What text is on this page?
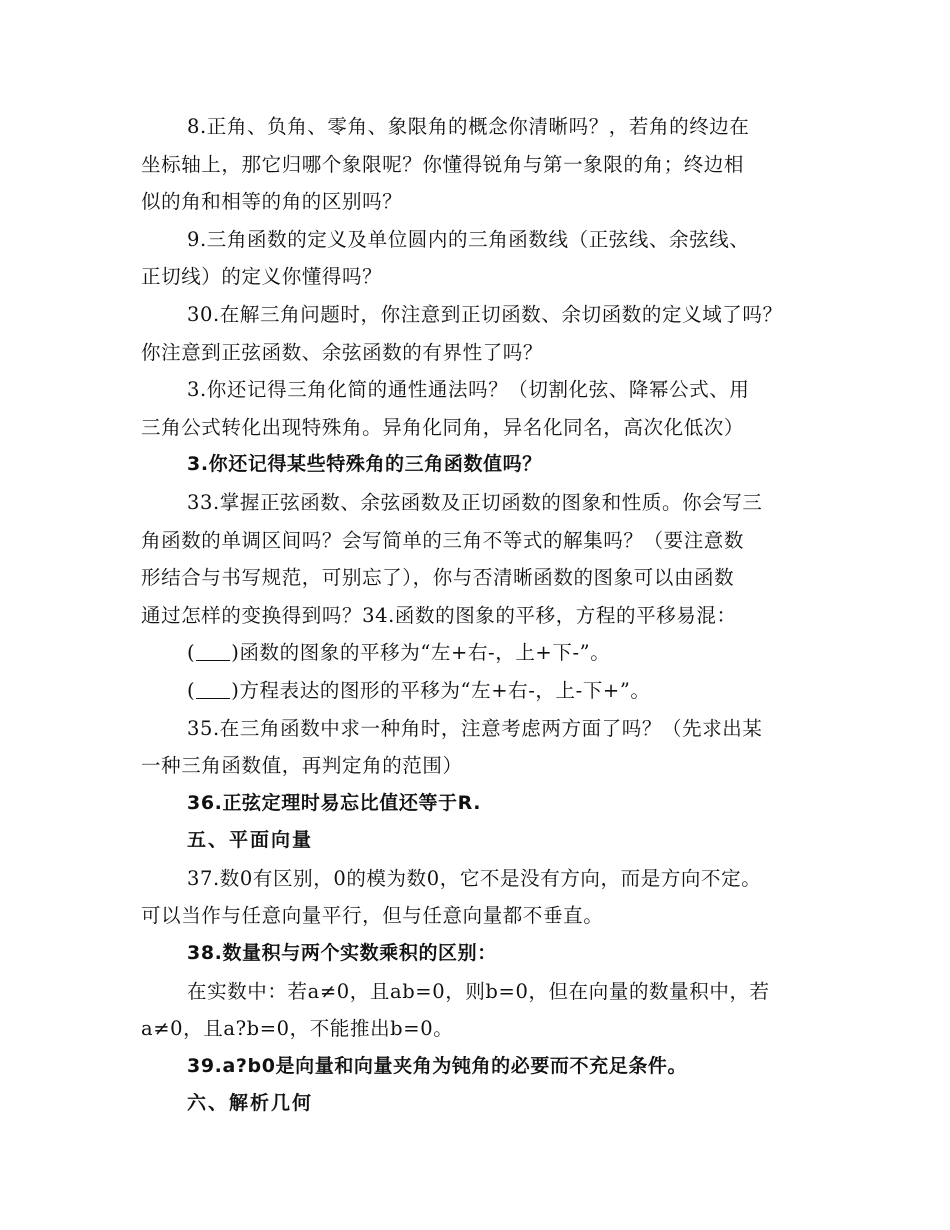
8.正角、负角、零角、象限角的概念你清晰吗？，若角的终边在
坐标轴上，那它归哪个象限呢？你懂得锐角与第一象限的角；终边相
似的角和相等的角的区别吗？
9.三角函数的定义及单位圆内的三角函数线（正弦线、余弦线、
正切线）的定义你懂得吗？
30.在解三角问题时，你注意到正切函数、余切函数的定义域了吗？
你注意到正弦函数、余弦函数的有界性了吗？
3.你还记得三角化简的通性通法吗？（切割化弦、降幂公式、用
三角公式转化出现特殊角。异角化同角，异名化同名，高次化低次）
3.你还记得某些特殊角的三角函数值吗？
33.掌握正弦函数、余弦函数及正切函数的图象和性质。你会写三
角函数的单调区间吗？会写简单的三角不等式的解集吗？（要注意数
形结合与书写规范，可别忘了），你与否清晰函数的图象可以由函数
通过怎样的变换得到吗？34.函数的图象的平移，方程的平移易混：
( )函数的图象的平移为“左+右-，上+下-”。
( )方程表达的图形的平移为“左+右-，上-下+”。
35.在三角函数中求一种角时，注意考虑两方面了吗？（先求出某
一种三角函数值，再判定角的范围）
36.正弦定理时易忘比值还等于R.
五、平面向量
37.数0有区别，0的模为数0，它不是没有方向，而是方向不定。
可以当作与任意向量平行，但与任意向量都不垂直。
38.数量积与两个实数乘积的区别：
在实数中：若a≠0，且ab=0，则b=0，但在向量的数量积中，若
a≠0，且a?b=0，不能推出b=0。
39.a?b0是向量和向量夹角为钝角的必要而不充足条件。
六、解析几何
